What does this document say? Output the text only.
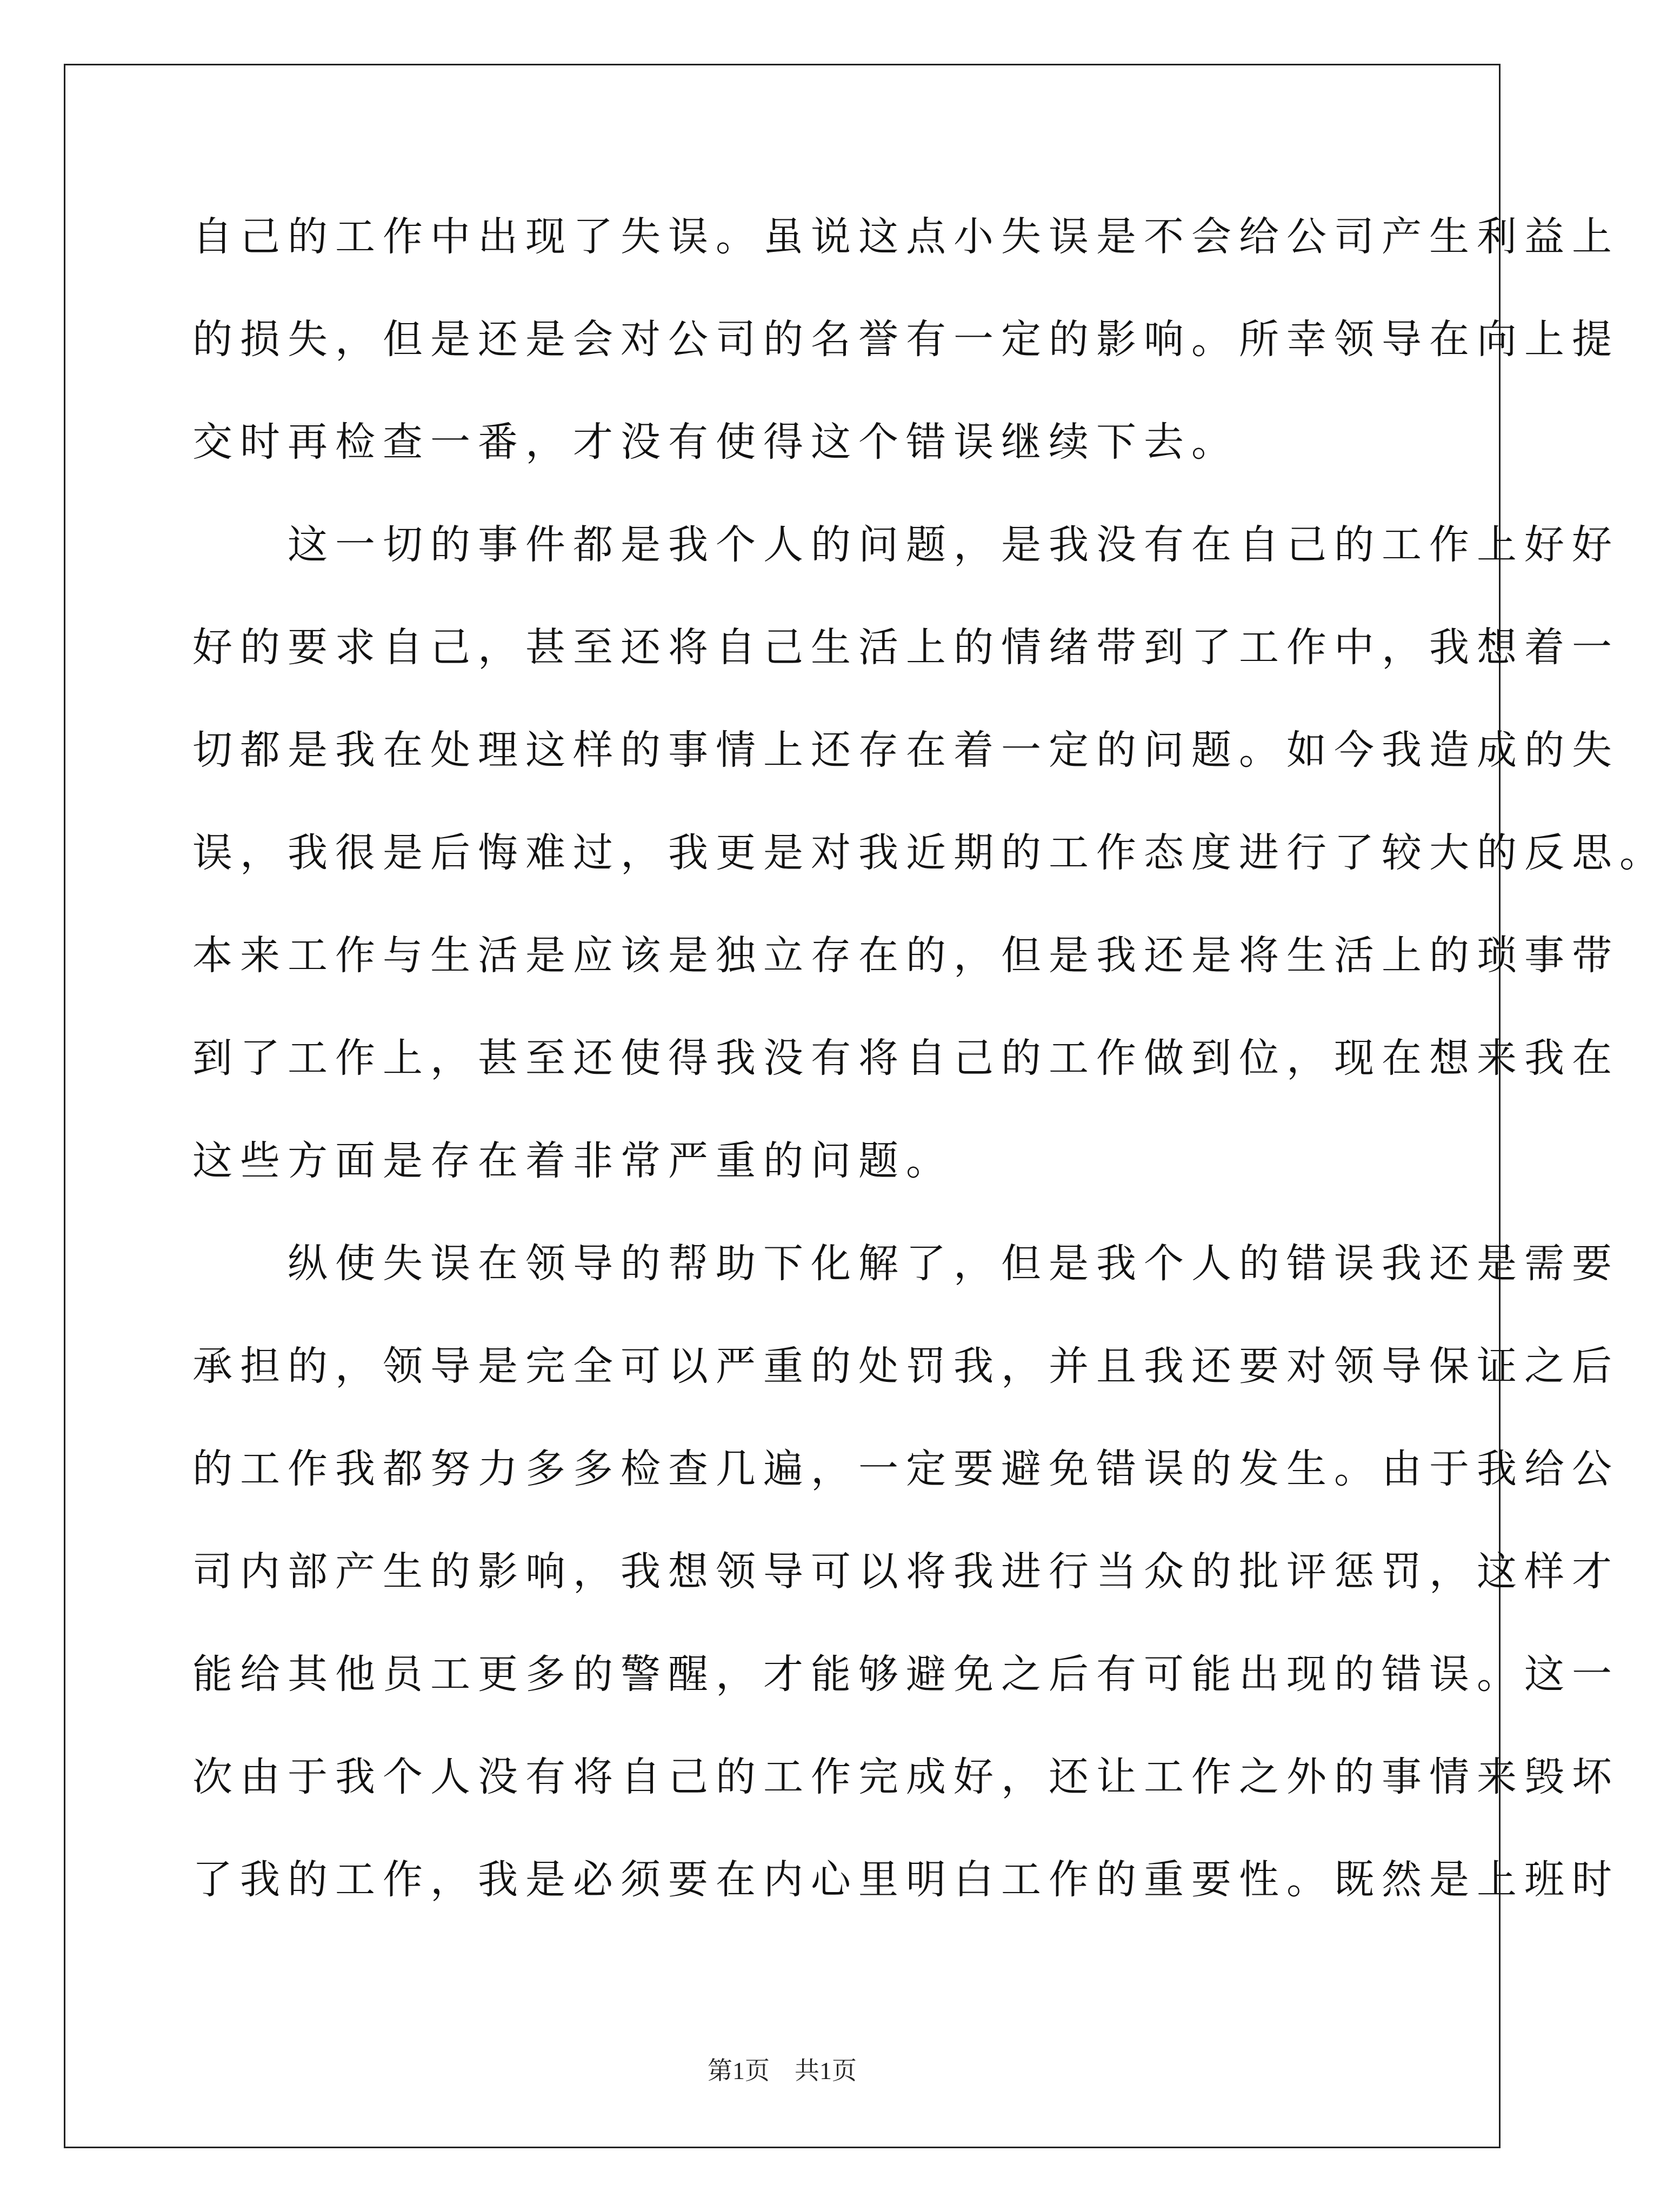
自己的工作中出现了失误。虽说这点小失误是不会给公司产生利益上
的损失，但是还是会对公司的名誉有一定的影响。所幸领导在向上提
交时再检查一番，才没有使得这个错误继续下去。
　　这一切的事件都是我个人的问题，是我没有在自己的工作上好好
好的要求自己，甚至还将自己生活上的情绪带到了工作中，我想着一
切都是我在处理这样的事情上还存在着一定的问题。如今我造成的失
误，我很是后悔难过，我更是对我近期的工作态度进行了较大的反思。
本来工作与生活是应该是独立存在的，但是我还是将生活上的琐事带
到了工作上，甚至还使得我没有将自己的工作做到位，现在想来我在
这些方面是存在着非常严重的问题。
　　纵使失误在领导的帮助下化解了，但是我个人的错误我还是需要
承担的，领导是完全可以严重的处罚我，并且我还要对领导保证之后
的工作我都努力多多检查几遍，一定要避免错误的发生。由于我给公
司内部产生的影响，我想领导可以将我进行当众的批评惩罚，这样才
能给其他员工更多的警醒，才能够避免之后有可能出现的错误。这一
次由于我个人没有将自己的工作完成好，还让工作之外的事情来毁坏
了我的工作，我是必须要在内心里明白工作的重要性。既然是上班时
第1页　共1页
